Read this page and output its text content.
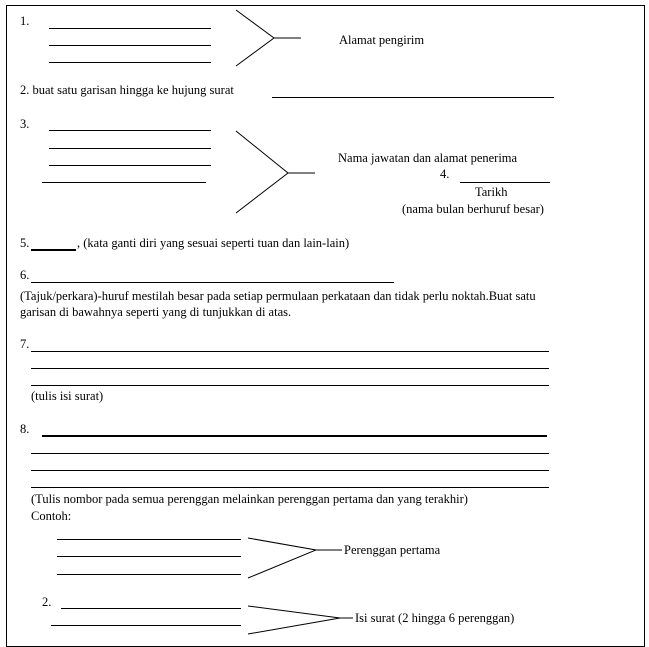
1.
Alamat pengirim
2. buat satu garisan hingga ke hujung surat
3.
Nama jawatan dan alamat penerima
4.
Tarikh
(nama bulan berhuruf besar)
5.	, (kata ganti diri yang sesuai seperti tuan dan lain-lain)
6.
(Tajuk/perkara)-huruf mestilah besar pada setiap permulaan perkataan dan tidak perlu noktah.Buat satu
garisan di bawahnya seperti yang di tunjukkan di atas.
7.
(tulis isi surat)
8.
(Tulis nombor pada semua perenggan melainkan perenggan pertama dan yang terakhir)
Contoh:
Perenggan pertama
2.
Isi surat (2 hingga 6 perenggan)
